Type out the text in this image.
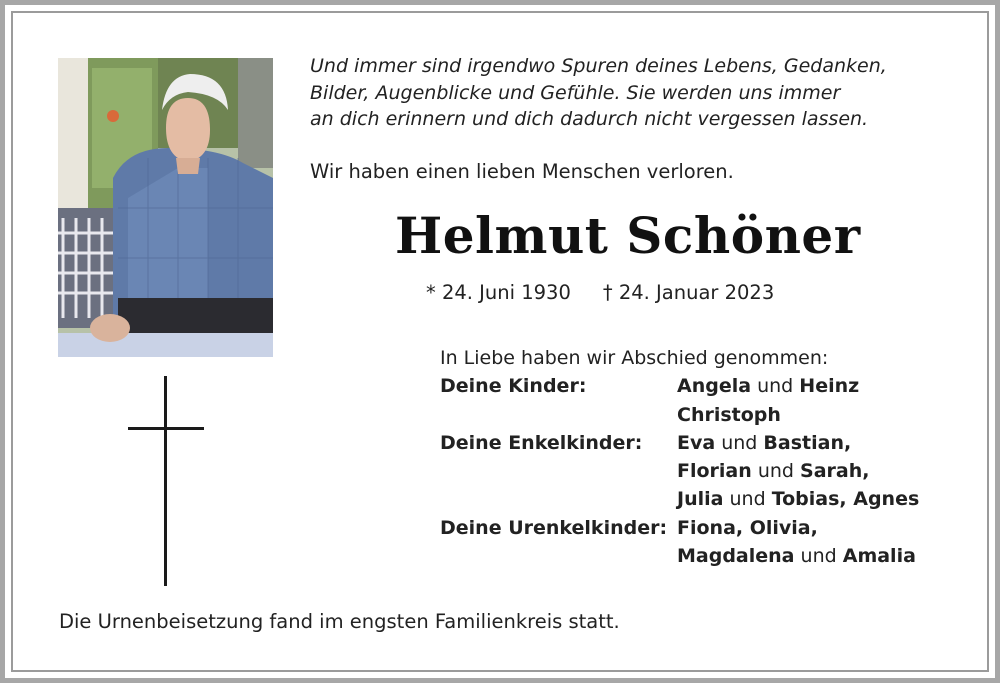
Und immer sind irgendwo Spuren deines Lebens, Gedanken,
Bilder, Augenblicke und Gefühle. Sie werden uns immer
an dich erinnern und dich dadurch nicht vergessen lassen.
Wir haben einen lieben Menschen verloren.
Helmut Schöner
* 24. Juni 1930 † 24. Januar 2023
In Liebe haben wir Abschied genommen:
Deine Kinder:	Angela und Heinz
Christoph
Deine Enkelkinder:	Eva und Bastian,
Florian und Sarah,
Julia und Tobias, Agnes
Deine Urenkelkinder: Fiona, Olivia,
Magdalena und Amalia
Die Urnenbeisetzung fand im engsten Familienkreis statt.
